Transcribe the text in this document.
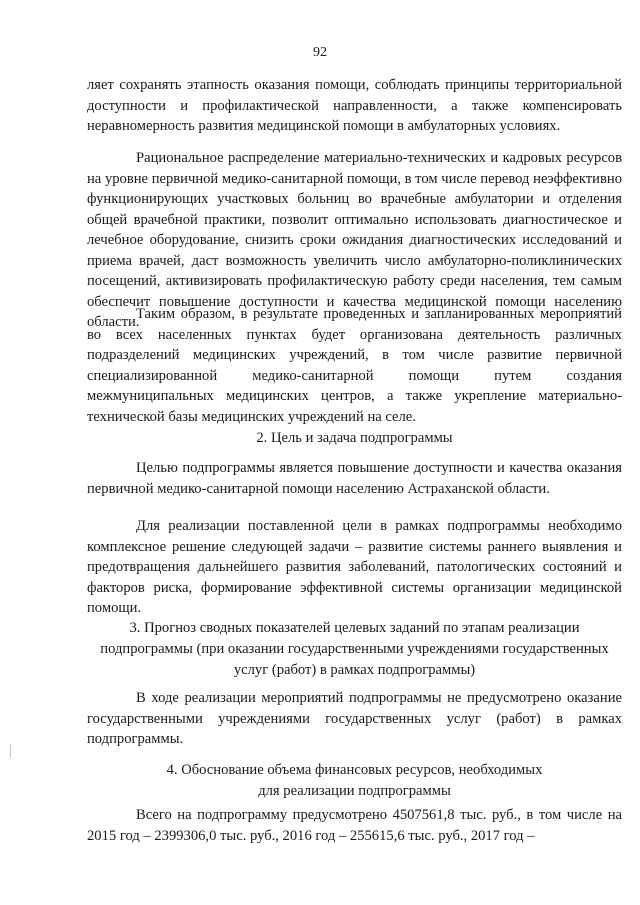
92

ляет сохранять этапность оказания помощи, соблюдать принципы территориальной доступности и профилактической направленности, а также компенсировать неравномерность развития медицинской помощи в амбулаторных условиях.

Рациональное распределение материально-технических и кадровых ресурсов на уровне первичной медико-санитарной помощи, в том числе перевод неэффективно функционирующих участковых больниц во врачебные амбулатории и отделения общей врачебной практики, позволит оптимально использовать диагностическое и лечебное оборудование, снизить сроки ожидания диагностических исследований и приема врачей, даст возможность увеличить число амбулаторно-поликлинических посещений, активизировать профилактическую работу среди населения, тем самым обеспечит повышение доступности и качества медицинской помощи населению области.

Таким образом, в результате проведенных и запланированных мероприятий во всех населенных пунктах будет организована деятельность различных подразделений медицинских учреждений, в том числе развитие первичной специализированной медико-санитарной помощи путем создания межмуниципальных медицинских центров, а также укрепление материально-технической базы медицинских учреждений на селе.

2. Цель и задача подпрограммы

Целью подпрограммы является повышение доступности и качества оказания первичной медико-санитарной помощи населению Астраханской области.

Для реализации поставленной цели в рамках подпрограммы необходимо комплексное решение следующей задачи – развитие системы раннего выявления и предотвращения дальнейшего развития заболеваний, патологических состояний и факторов риска, формирование эффективной системы организации медицинской помощи.

3. Прогноз сводных показателей целевых заданий по этапам реализации подпрограммы (при оказании государственными учреждениями государственных услуг (работ) в рамках подпрограммы)

В ходе реализации мероприятий подпрограммы не предусмотрено оказание государственными учреждениями государственных услуг (работ) в рамках подпрограммы.

4. Обоснование объема финансовых ресурсов, необходимых
для реализации подпрограммы

Всего на подпрограмму предусмотрено 4507561,8 тыс. руб., в том числе на 2015 год – 2399306,0 тыс. руб., 2016 год – 255615,6 тыс. руб., 2017 год –
